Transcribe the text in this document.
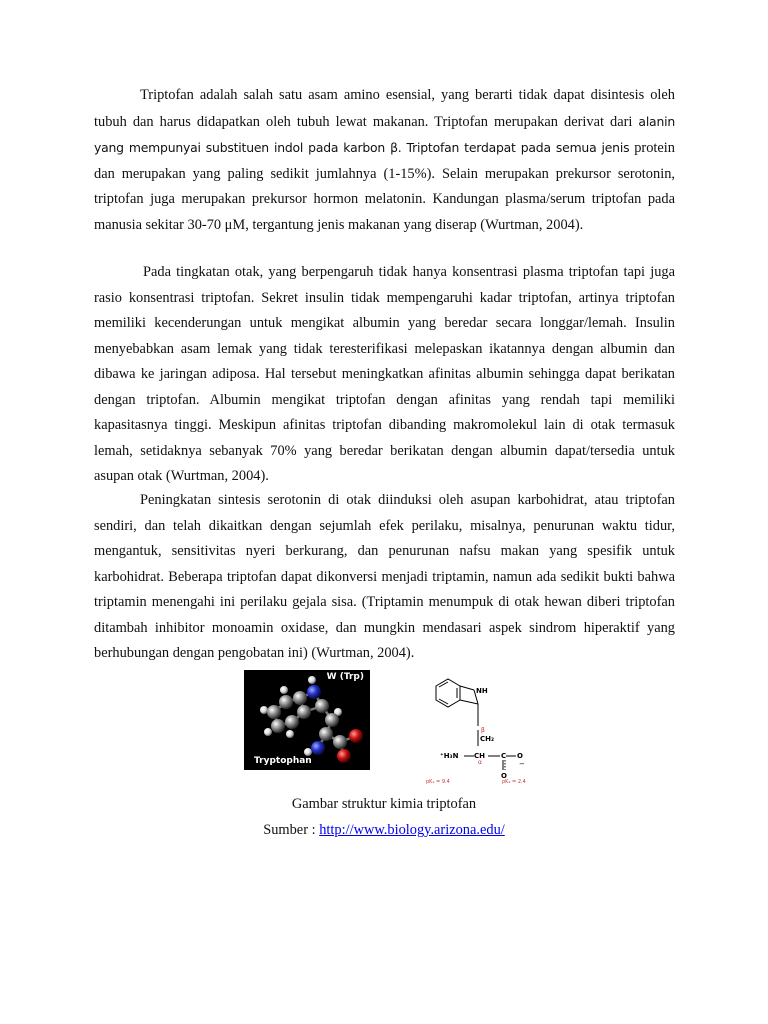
Triptofan adalah salah satu asam amino esensial, yang berarti tidak dapat disintesis oleh tubuh dan harus didapatkan oleh tubuh lewat makanan. Triptofan merupakan derivat dari alanin yang mempunyai substituen indol pada karbon β. Triptofan terdapat pada semua jenis protein dan merupakan yang paling sedikit jumlahnya (1-15%). Selain merupakan prekursor serotonin, triptofan juga merupakan prekursor hormon melatonin. Kandungan plasma/serum triptofan pada manusia sekitar 30-70 μM, tergantung jenis makanan yang diserap (Wurtman, 2004).

Pada tingkatan otak, yang berpengaruh tidak hanya konsentrasi plasma triptofan tapi juga rasio konsentrasi triptofan. Sekret insulin tidak mempengaruhi kadar triptofan, artinya triptofan memiliki kecenderungan untuk mengikat albumin yang beredar secara longgar/lemah. Insulin menyebabkan asam lemak yang tidak teresterifikasi melepaskan ikatannya dengan albumin dan dibawa ke jaringan adiposa. Hal tersebut meningkatkan afinitas albumin sehingga dapat berikatan dengan triptofan. Albumin mengikat triptofan dengan afinitas yang rendah tapi memiliki kapasitasnya tinggi. Meskipun afinitas triptofan dibanding makromolekul lain di otak termasuk lemah, setidaknya sebanyak 70% yang beredar berikatan dengan albumin dapat/tersedia untuk asupan otak (Wurtman, 2004).

Peningkatan sintesis serotonin di otak diinduksi oleh asupan karbohidrat, atau triptofan sendiri, dan telah dikaitkan dengan sejumlah efek perilaku, misalnya, penurunan waktu tidur, mengantuk, sensitivitas nyeri berkurang, dan penurunan nafsu makan yang spesifik untuk karbohidrat. Beberapa triptofan dapat dikonversi menjadi triptamin, namun ada sedikit bukti bahwa triptamin menengahi ini perilaku gejala sisa. (Triptamin menumpuk di otak hewan diberi triptofan ditambah inhibitor monoamin oxidase, dan mungkin mendasari aspek sindrom hiperaktif yang berhubungan dengan pengobatan ini) (Wurtman, 2004).

W (Trp)
Tryptophan
NH
CH₂
⁺H₃N CH C O
O
−
α
β
pK₁ = 9.4	pK₂ = 2.4
Gambar struktur kimia triptofan
Sumber : http://www.biology.arizona.edu/
